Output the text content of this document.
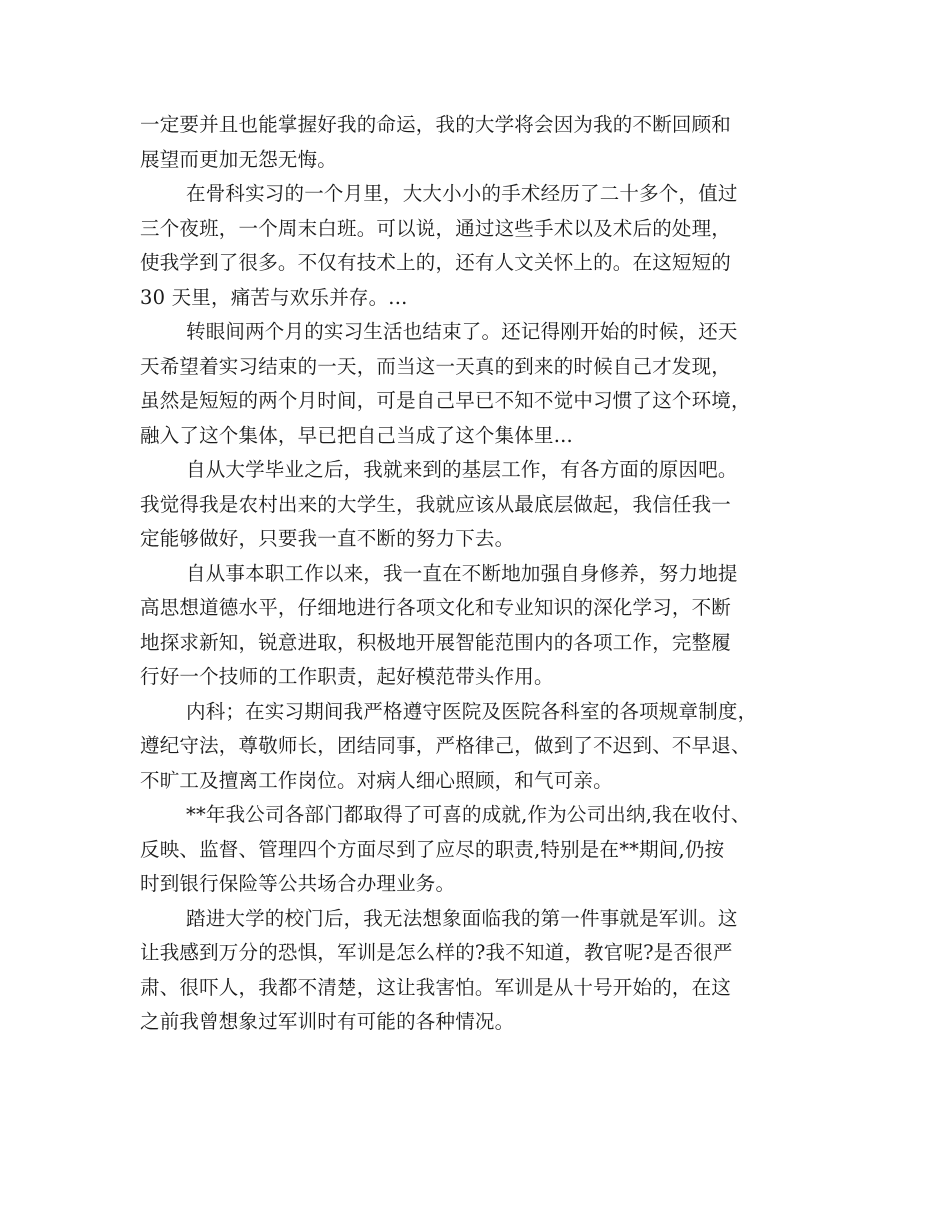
一定要并且也能掌握好我的命运，我的大学将会因为我的不断回顾和
展望而更加无怨无悔。
在骨科实习的一个月里，大大小小的手术经历了二十多个，值过
三个夜班，一个周末白班。可以说，通过这些手术以及术后的处理，
使我学到了很多。不仅有技术上的，还有人文关怀上的。在这短短的
30 天里，痛苦与欢乐并存。...
转眼间两个月的实习生活也结束了。还记得刚开始的时候，还天
天希望着实习结束的一天，而当这一天真的到来的时候自己才发现，
虽然是短短的两个月时间，可是自己早已不知不觉中习惯了这个环境，
融入了这个集体，早已把自己当成了这个集体里...
自从大学毕业之后，我就来到的基层工作，有各方面的原因吧。
我觉得我是农村出来的大学生，我就应该从最底层做起，我信任我一
定能够做好，只要我一直不断的努力下去。
自从事本职工作以来，我一直在不断地加强自身修养，努力地提
高思想道德水平，仔细地进行各项文化和专业知识的深化学习，不断
地探求新知，锐意进取，积极地开展智能范围内的各项工作，完整履
行好一个技师的工作职责，起好模范带头作用。
内科；在实习期间我严格遵守医院及医院各科室的各项规章制度，
遵纪守法，尊敬师长，团结同事，严格律己，做到了不迟到、不早退、
不旷工及擅离工作岗位。对病人细心照顾，和气可亲。
**年我公司各部门都取得了可喜的成就,作为公司出纳,我在收付、
反映、监督、管理四个方面尽到了应尽的职责,特别是在**期间,仍按
时到银行保险等公共场合办理业务。
踏进大学的校门后，我无法想象面临我的第一件事就是军训。这
让我感到万分的恐惧，军训是怎么样的?我不知道，教官呢?是否很严
肃、很吓人，我都不清楚，这让我害怕。军训是从十号开始的，在这
之前我曾想象过军训时有可能的各种情况。
